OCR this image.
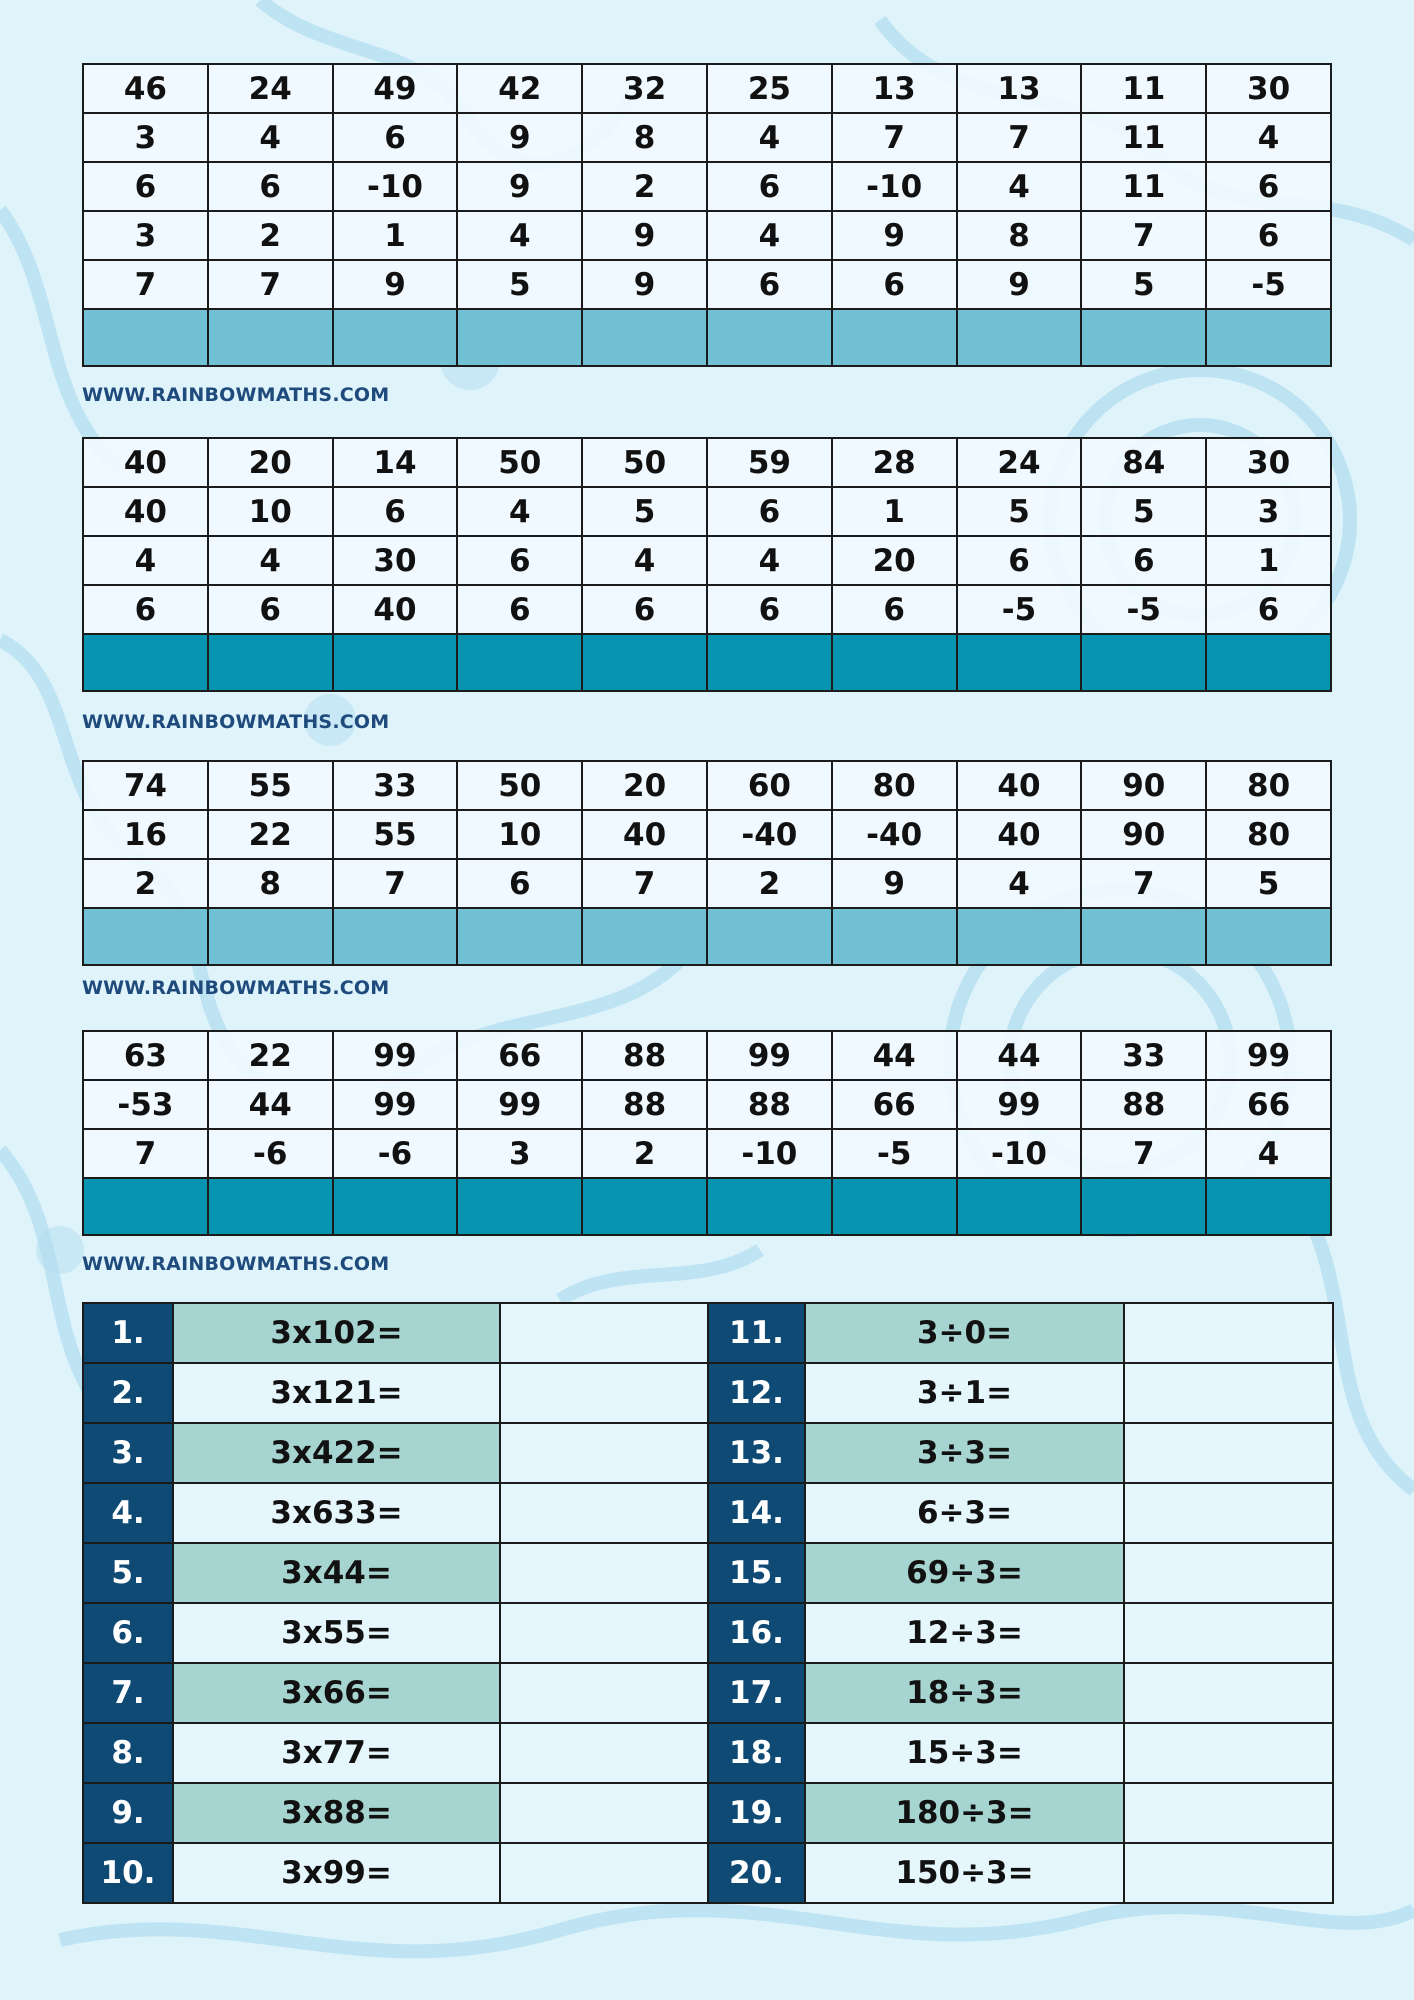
46	24	49	42	32	25	13	13	11	30
3	4	6	9	8	4	7	7	11	4
6	6	-10	9	2	6	-10	4	11	6
3	2	1	4	9	4	9	8	7	6
7	7	9	5	9	6	6	9	5	-5

WWW.RAINBOWMATHS.COM
40	20	14	50	50	59	28	24	84	30
40	10	6	4	5	6	1	5	5	3
4	4	30	6	4	4	20	6	6	1
6	6	40	6	6	6	6	-5	-5	6

WWW.RAINBOWMATHS.COM
74	55	33	50	20	60	80	40	90	80
16	22	55	10	40	-40	-40	40	90	80
2	8	7	6	7	2	9	4	7	5

WWW.RAINBOWMATHS.COM
63	22	99	66	88	99	44	44	33	99
-53	44	99	99	88	88	66	99	88	66
7	-6	-6	3	2	-10	-5	-10	7	4

WWW.RAINBOWMATHS.COM
1.	3x102=			11.	3÷0=	
2.	3x121=			12.	3÷1=	
3.	3x422=			13.	3÷3=	
4.	3x633=			14.	6÷3=	
5.	3x44=			15.	69÷3=	
6.	3x55=			16.	12÷3=	
7.	3x66=			17.	18÷3=	
8.	3x77=			18.	15÷3=	
9.	3x88=			19.	180÷3=	
10.	3x99=			20.	150÷3=	
